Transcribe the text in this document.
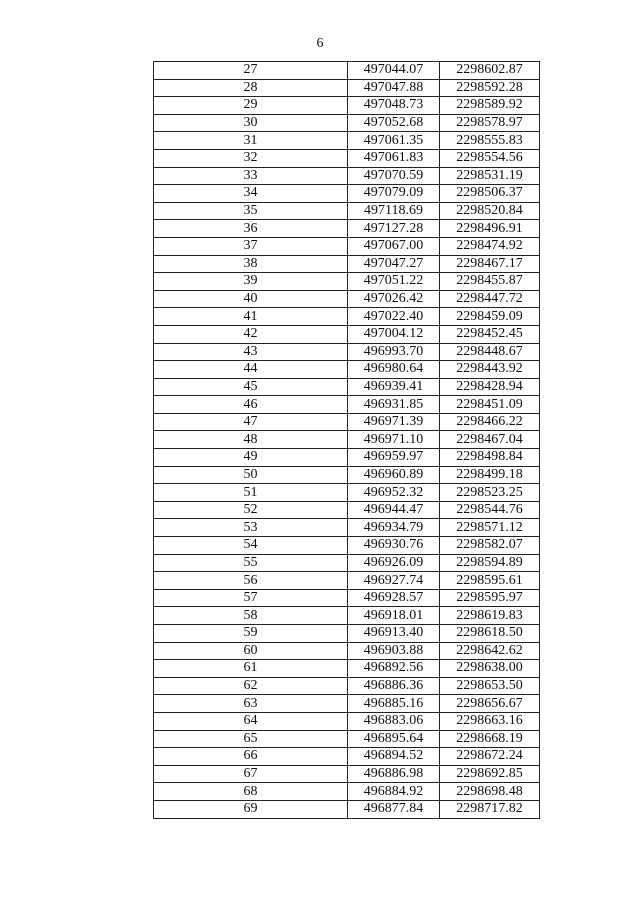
6
27	497044.07	2298602.87
28	497047.88	2298592.28
29	497048.73	2298589.92
30	497052.68	2298578.97
31	497061.35	2298555.83
32	497061.83	2298554.56
33	497070.59	2298531.19
34	497079.09	2298506.37
35	497118.69	2298520.84
36	497127.28	2298496.91
37	497067.00	2298474.92
38	497047.27	2298467.17
39	497051.22	2298455.87
40	497026.42	2298447.72
41	497022.40	2298459.09
42	497004.12	2298452.45
43	496993.70	2298448.67
44	496980.64	2298443.92
45	496939.41	2298428.94
46	496931.85	2298451.09
47	496971.39	2298466.22
48	496971.10	2298467.04
49	496959.97	2298498.84
50	496960.89	2298499.18
51	496952.32	2298523.25
52	496944.47	2298544.76
53	496934.79	2298571.12
54	496930.76	2298582.07
55	496926.09	2298594.89
56	496927.74	2298595.61
57	496928.57	2298595.97
58	496918.01	2298619.83
59	496913.40	2298618.50
60	496903.88	2298642.62
61	496892.56	2298638.00
62	496886.36	2298653.50
63	496885.16	2298656.67
64	496883.06	2298663.16
65	496895.64	2298668.19
66	496894.52	2298672.24
67	496886.98	2298692.85
68	496884.92	2298698.48
69	496877.84	2298717.82
